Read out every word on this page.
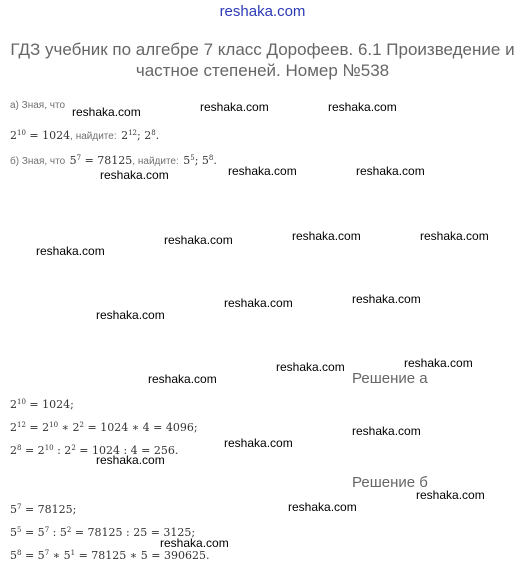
reshaka.com
ГДЗ учебник по алгебре 7 класс Дорофеев. 6.1 Произведение и частное степеней. Номер №538
а) Зная, что
$2^{10} = 1024$, найдите: $2^{12}$; $2^8$.
б) Зная, что $5^7 = 78125$, найдите: $5^5$; $5^8$.
Решение а
$2^{10} = 1024$;
$2^{12} = 2^{10}$ ∗ $2^2 = 1024$ ∗ 4 = 4096;
$2^8 = 2^{10}$ : $2^2 = 1024$ : 4 = 256.
Решение б
$5^7 = 78125$;
$5^5 = 5^7$ : $5^2 = 78125$ : 25 = 3125;
$5^8 = 5^7$ ∗ $5^1 = 78125$ ∗ 5 = 390625.
reshaka.com	reshaka.com	reshaka.com
reshaka.com	reshaka.com	reshaka.com
reshaka.com
reshaka.com	reshaka.com	reshaka.com
reshaka.com
reshaka.com	reshaka.com
reshaka.com
reshaka.com	reshaka.com
reshaka.com
reshaka.com
reshaka.com
reshaka.com
reshaka.com
reshaka.com
